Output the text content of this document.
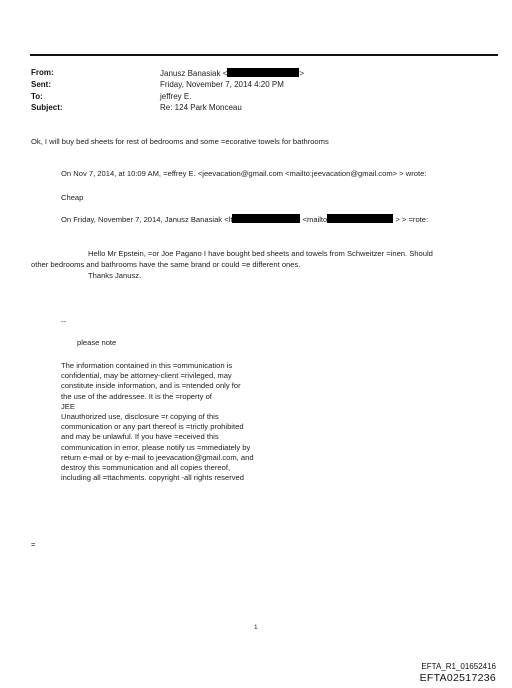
From:	Janusz Banasiak <	>
Sent:	Friday, November 7, 2014 4:20 PM
To:	jeffrey E.
Subject:	Re: 124 Park Monceau
Ok, I will buy bed sheets for rest of bedrooms and some =ecorative towels for bathrooms
On Nov 7, 2014, at 10:09 AM, =effrey E. <jeevacation@gmail.com <mailto:jeevacation@gmail.com> > wrote:
Cheap
On Friday, November 7, 2014, Janusz Banasiak <lt	<mailto	> > =rote:
Hello Mr Epstein, =or Joe Pagano I have bought bed sheets and towels from Schweitzer =inen. Should
other bedrooms and bathrooms have the same brand or could =e different ones.
Thanks Janusz.
--
please note
The information contained in this =ommunication is
confidential, may be attorney-client =rivileged, may
constitute inside information, and is =ntended only for
the use of the addressee. It is the =roperty of
JEE
Unauthorized use, disclosure =r copying of this
communication or any part thereof is =trictly prohibited
and may be unlawful. If you have =eceived this
communication in error, please notify us =mmediately by
return e-mail or by e-mail to jeevacation@gmail.com, and
destroy this =ommunication and all copies thereof,
including all =ttachments. copyright -all rights reserved
=
1
EFTA_R1_01652416
EFTA02517236
